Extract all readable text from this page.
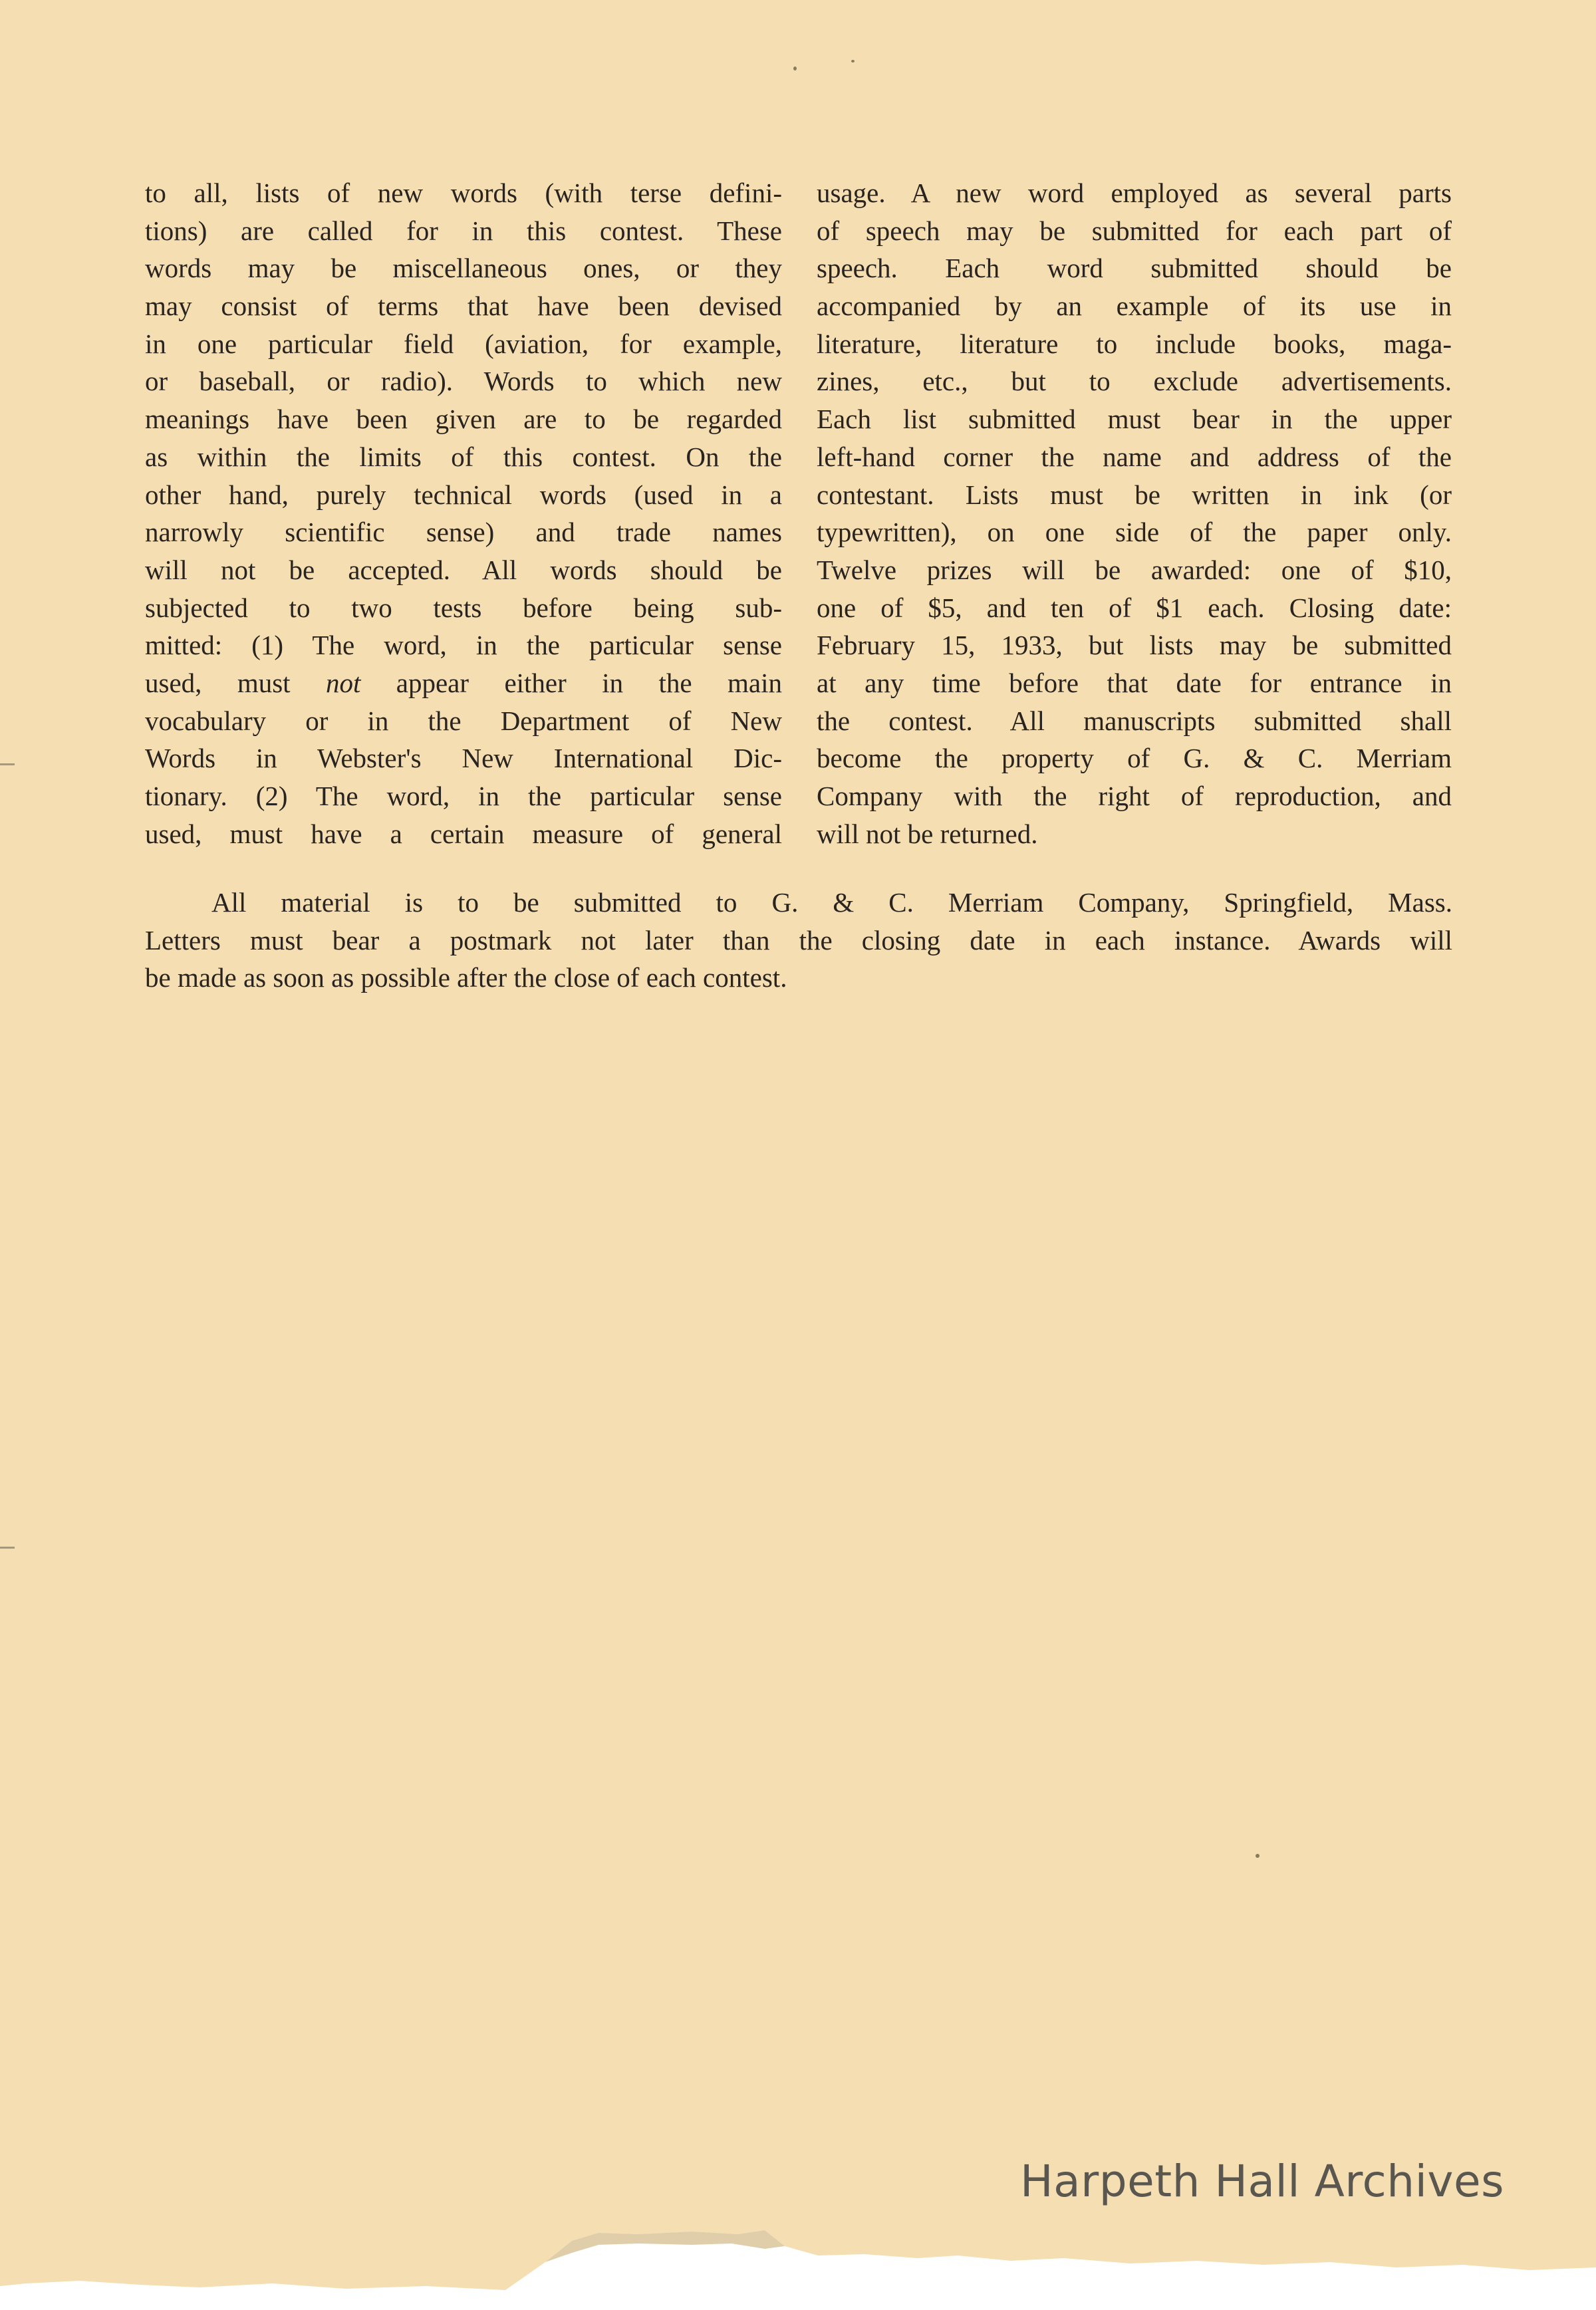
to all, lists of new words (with terse defini-
tions) are called for in this contest. These
words may be miscellaneous ones, or they
may consist of terms that have been devised
in one particular field (aviation, for example,
or baseball, or radio). Words to which new
meanings have been given are to be regarded
as within the limits of this contest. On the
other hand, purely technical words (used in a
narrowly scientific sense) and trade names
will not be accepted. All words should be
subjected to two tests before being sub-
mitted: (1) The word, in the particular sense
used, must not appear either in the main
vocabulary or in the Department of New
Words in Webster's New International Dic-
tionary. (2) The word, in the particular sense
used, must have a certain measure of general
usage. A new word employed as several parts
of speech may be submitted for each part of
speech. Each word submitted should be
accompanied by an example of its use in
literature, literature to include books, maga-
zines, etc., but to exclude advertisements.
Each list submitted must bear in the upper
left-hand corner the name and address of the
contestant. Lists must be written in ink (or
typewritten), on one side of the paper only.
Twelve prizes will be awarded: one of $10,
one of $5, and ten of $1 each. Closing date:
February 15, 1933, but lists may be submitted
at any time before that date for entrance in
the contest. All manuscripts submitted shall
become the property of G. & C. Merriam
Company with the right of reproduction, and
will not be returned.
All material is to be submitted to G. & C. Merriam Company, Springfield, Mass.
Letters must bear a postmark not later than the closing date in each instance. Awards will
be made as soon as possible after the close of each contest.
Harpeth Hall Archives
